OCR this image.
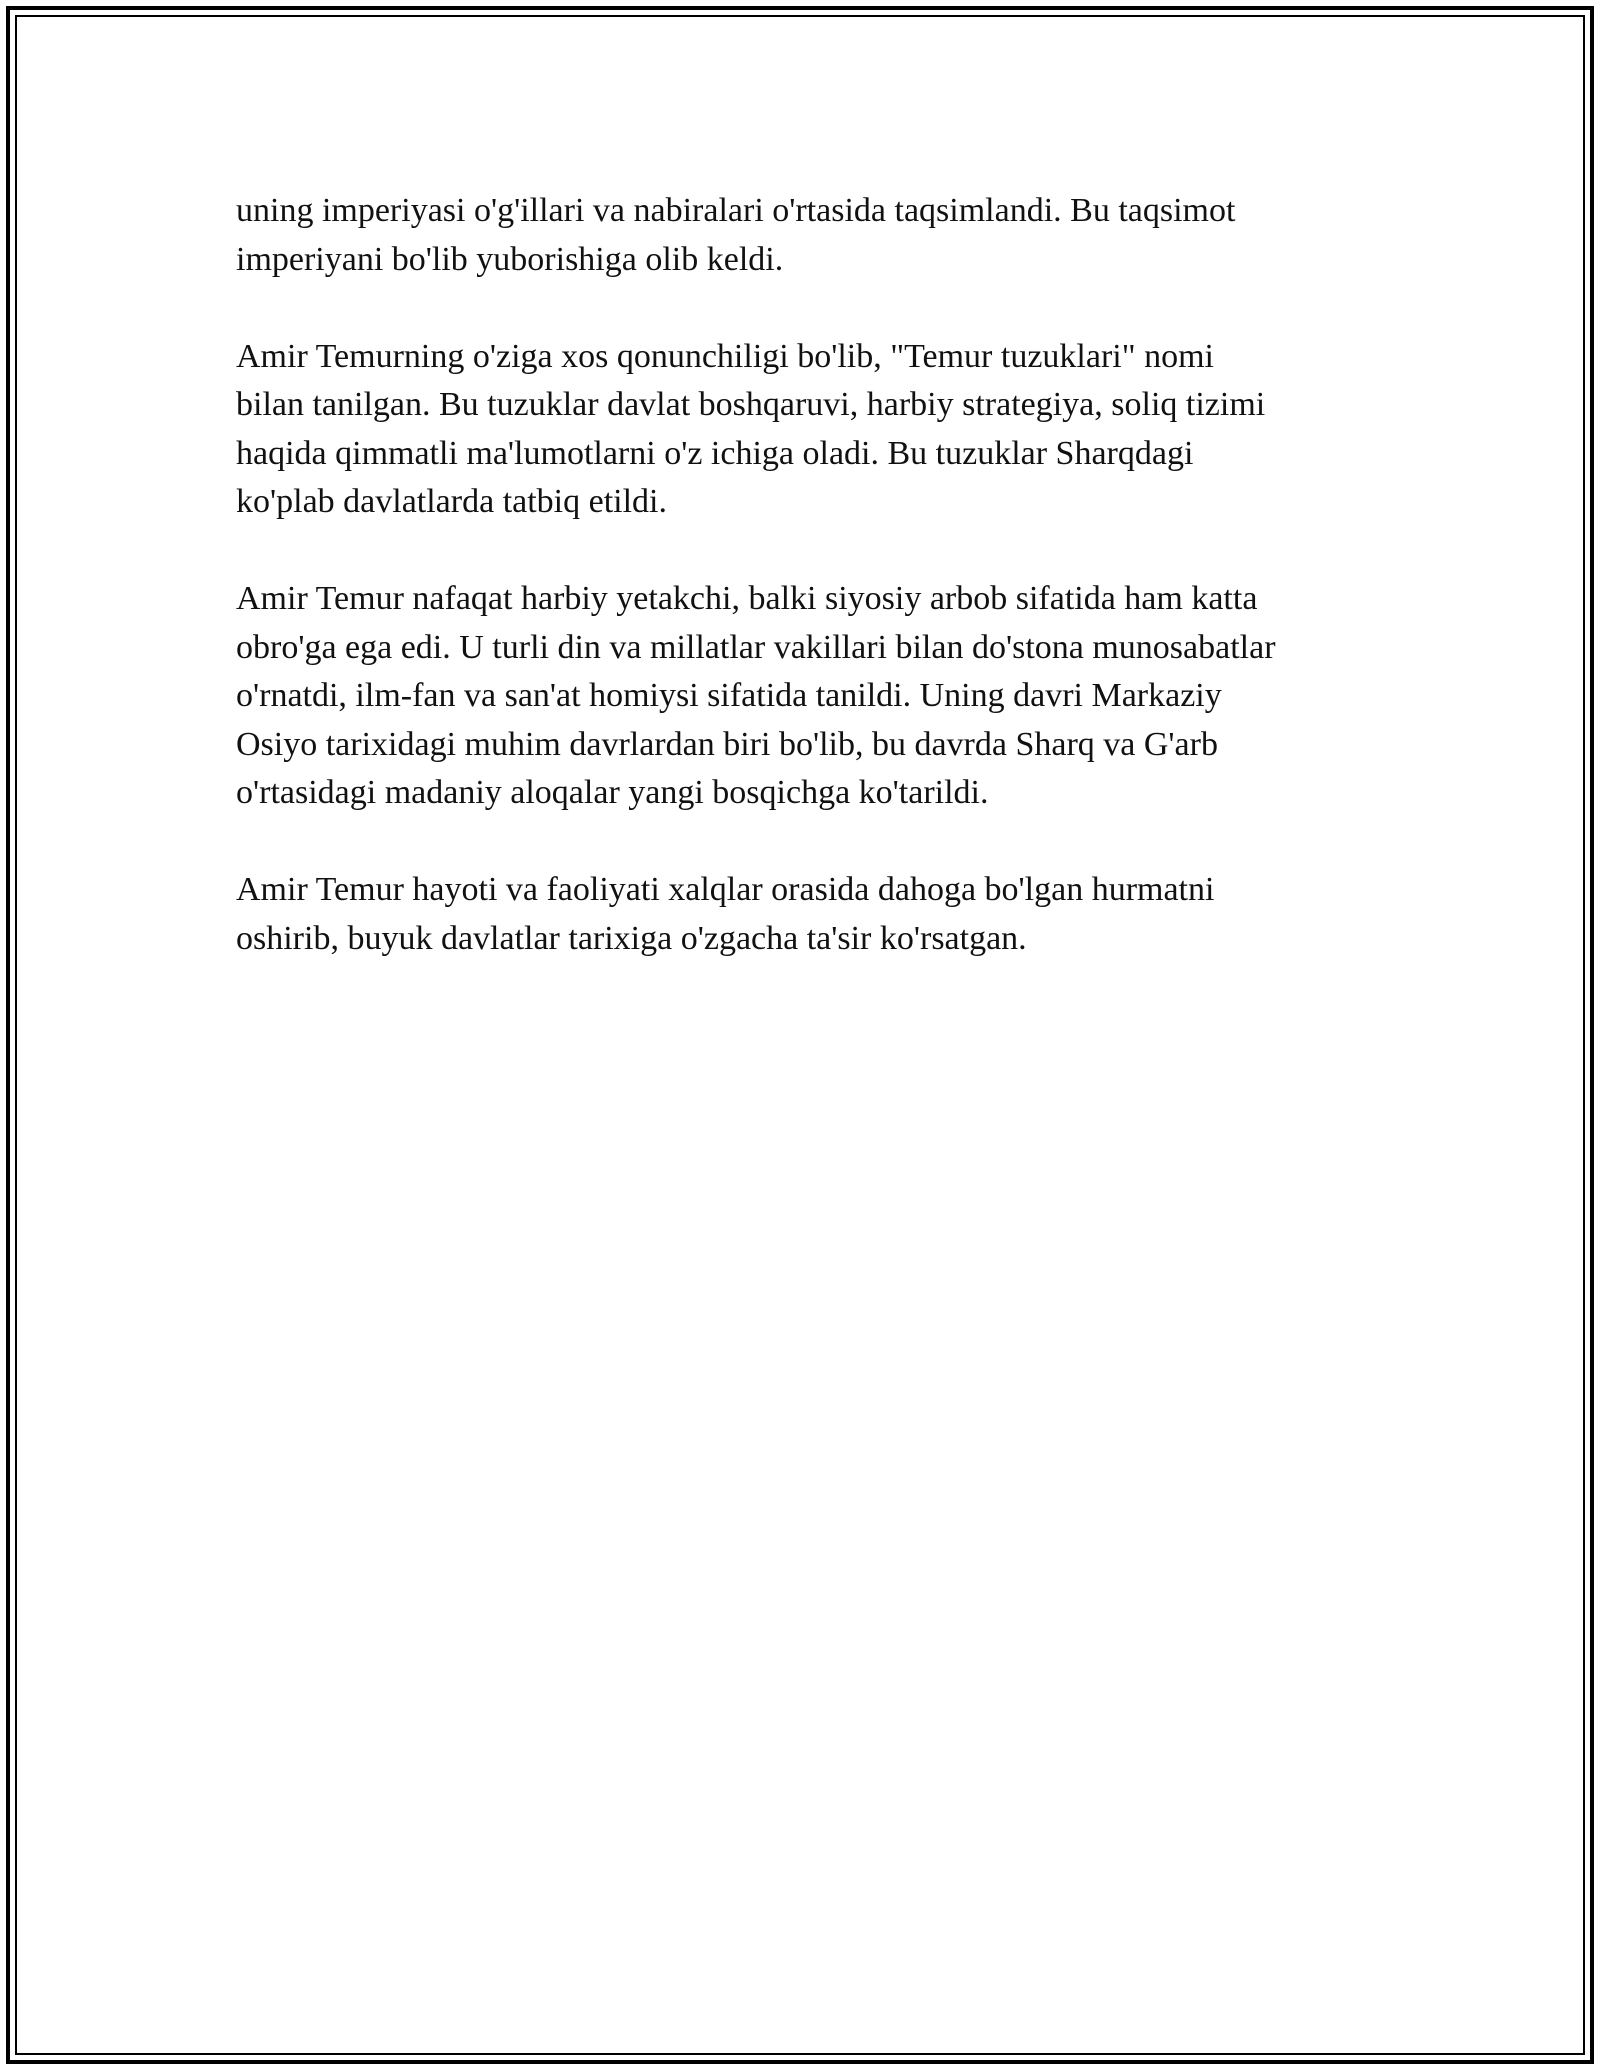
uning imperiyasi o'g'illari va nabiralari o'rtasida taqsimlandi. Bu taqsimot
imperiyani bo'lib yuborishiga olib keldi.

Amir Temurning o'ziga xos qonunchiligi bo'lib, "Temur tuzuklari" nomi
bilan tanilgan. Bu tuzuklar davlat boshqaruvi, harbiy strategiya, soliq tizimi
haqida qimmatli ma'lumotlarni o'z ichiga oladi. Bu tuzuklar Sharqdagi
ko'plab davlatlarda tatbiq etildi.

Amir Temur nafaqat harbiy yetakchi, balki siyosiy arbob sifatida ham katta
obro'ga ega edi. U turli din va millatlar vakillari bilan do'stona munosabatlar
o'rnatdi, ilm-fan va san'at homiysi sifatida tanildi. Uning davri Markaziy
Osiyo tarixidagi muhim davrlardan biri bo'lib, bu davrda Sharq va G'arb
o'rtasidagi madaniy aloqalar yangi bosqichga ko'tarildi.

Amir Temur hayoti va faoliyati xalqlar orasida dahoga bo'lgan hurmatni
oshirib, buyuk davlatlar tarixiga o'zgacha ta'sir ko'rsatgan.
